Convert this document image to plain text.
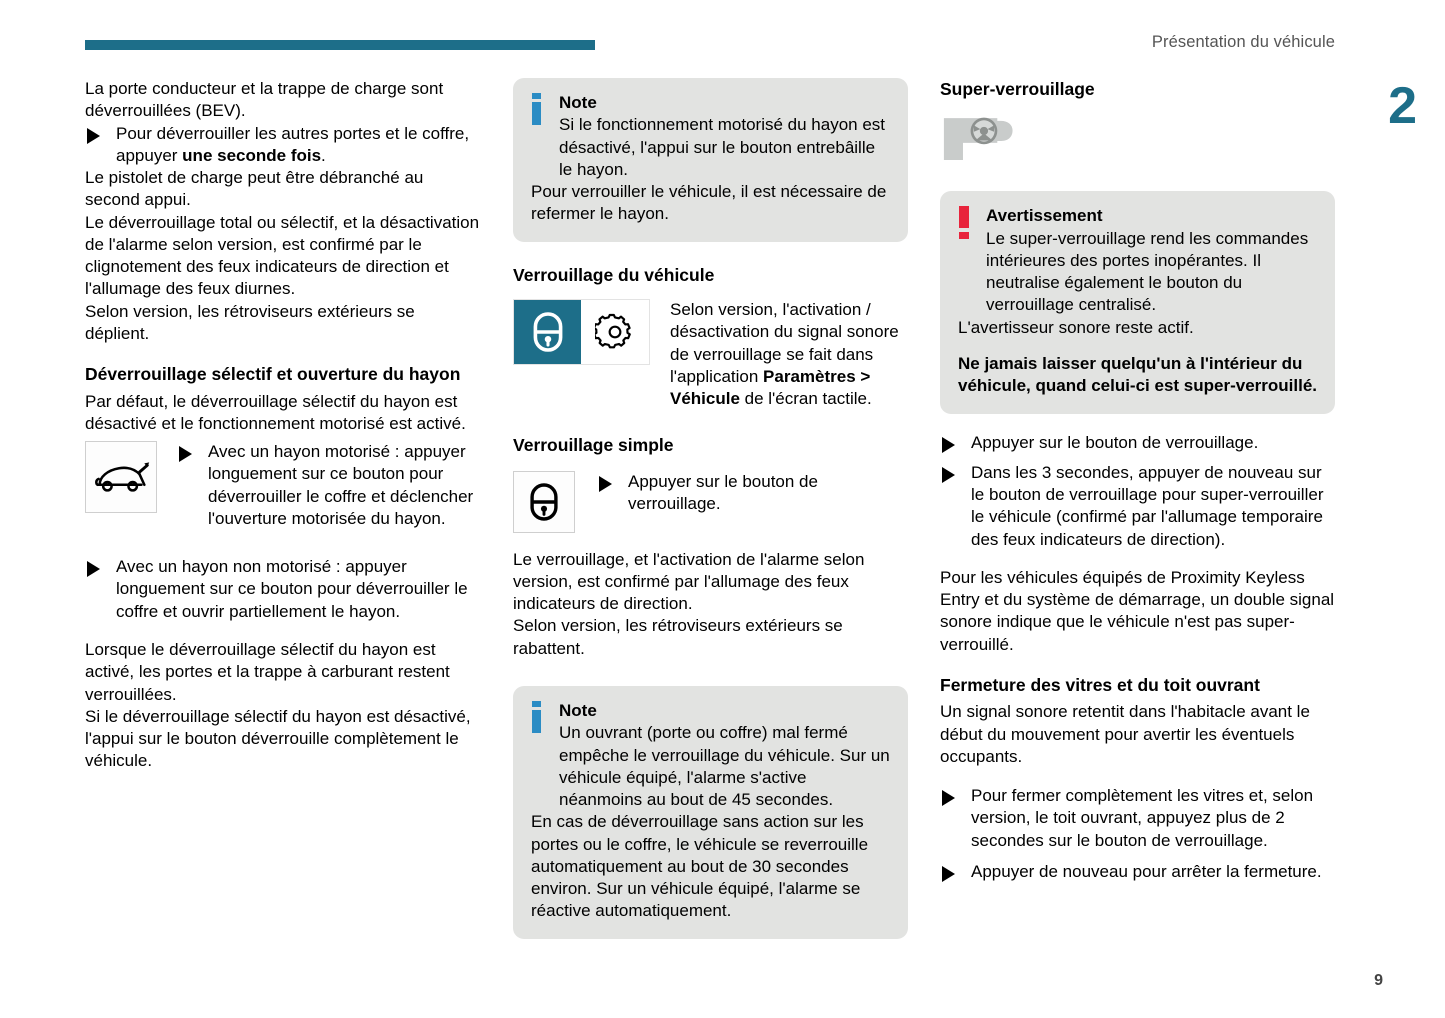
Présentation du véhicule
2
9

La porte conducteur et la trappe de charge sont déverrouillées (BEV).

Pour déverrouiller les autres portes et le coffre, appuyer une seconde fois.

Le pistolet de charge peut être débranché au second appui.

Le déverrouillage total ou sélectif, et la désactivation de l'alarme selon version, est confirmé par le clignotement des feux indicateurs de direction et l'allumage des feux diurnes.

Selon version, les rétroviseurs extérieurs se déplient.

Déverrouillage sélectif et ouverture du hayon

Par défaut, le déverrouillage sélectif du hayon est désactivé et le fonctionnement motorisé est activé.

Avec un hayon motorisé : appuyer longuement sur ce bouton pour déverrouiller le coffre et déclencher l'ouverture motorisée du hayon.
Avec un hayon non motorisé : appuyer longuement sur ce bouton pour déverrouiller le coffre et ouvrir partiellement le hayon.

Lorsque le déverrouillage sélectif du hayon est activé, les portes et la trappe à carburant restent verrouillées.

Si le déverrouillage sélectif du hayon est désactivé, l'appui sur le bouton déverrouille complètement le véhicule.

Note

Si le fonctionnement motorisé du hayon est désactivé, l'appui sur le bouton entrebâille le hayon.

Pour verrouiller le véhicule, il est nécessaire de refermer le hayon.

Verrouillage du véhicule
Selon version, l'activation / désactivation du signal sonore de verrouillage se fait dans l'application Paramètres > Véhicule de l'écran tactile.
Verrouillage simple
Appuyer sur le bouton de verrouillage.

Le verrouillage, et l'activation de l'alarme selon version, est confirmé par l'allumage des feux indicateurs de direction.

Selon version, les rétroviseurs extérieurs se rabattent.

Note

Un ouvrant (porte ou coffre) mal fermé empêche le verrouillage du véhicule. Sur un véhicule équipé, l'alarme s'active néanmoins au bout de 45 secondes.

En cas de déverrouillage sans action sur les portes ou le coffre, le véhicule se reverrouille automatiquement au bout de 30 secondes environ. Sur un véhicule équipé, l'alarme se réactive automatiquement.

Super-verrouillage
Avertissement

Le super-verrouillage rend les commandes intérieures des portes inopérantes. Il neutralise également le bouton du verrouillage centralisé.

L'avertisseur sonore reste actif.

Ne jamais laisser quelqu'un à l'intérieur du véhicule, quand celui-ci est super-verrouillé.

Appuyer sur le bouton de verrouillage.
Dans les 3 secondes, appuyer de nouveau sur le bouton de verrouillage pour super-verrouiller le véhicule (confirmé par l'allumage temporaire des feux indicateurs de direction).

Pour les véhicules équipés de Proximity Keyless Entry et du système de démarrage, un double signal sonore indique que le véhicule n'est pas super-verrouillé.

Fermeture des vitres et du toit ouvrant

Un signal sonore retentit dans l'habitacle avant le début du mouvement pour avertir les éventuels occupants.

Pour fermer complètement les vitres et, selon version, le toit ouvrant, appuyez plus de 2 secondes sur le bouton de verrouillage.
Appuyer de nouveau pour arrêter la fermeture.
